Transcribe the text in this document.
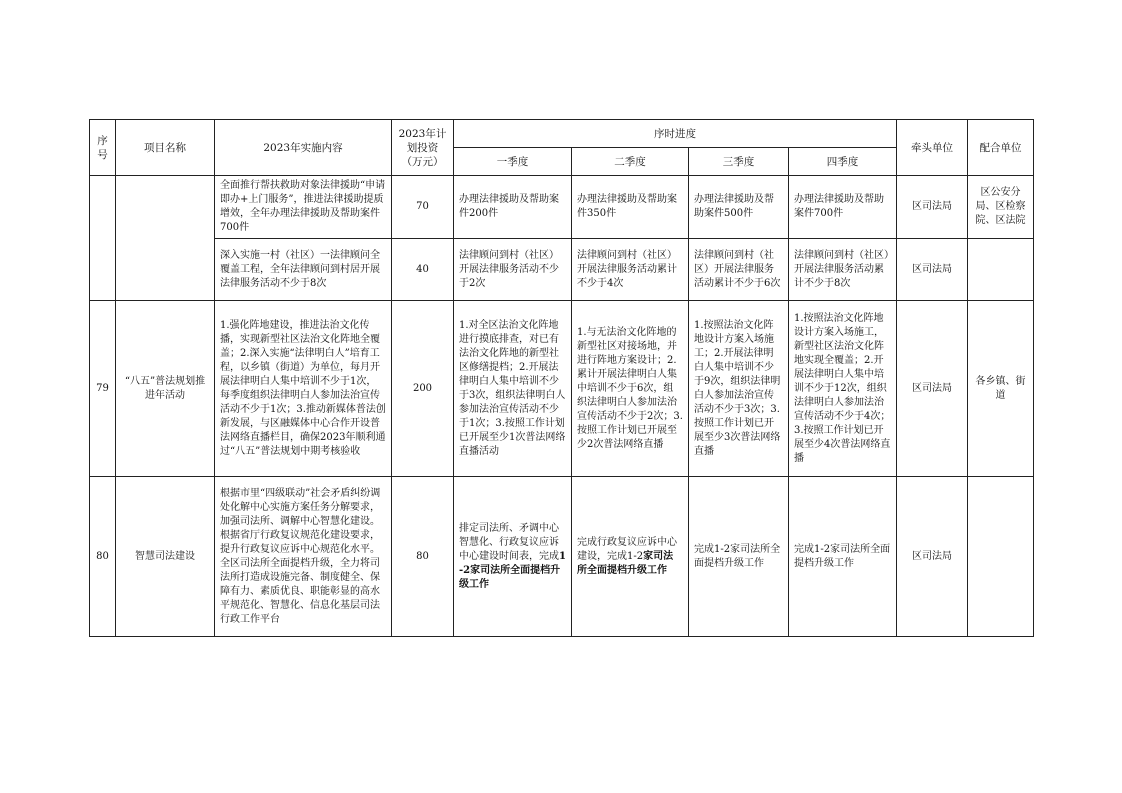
序号	项目名称	2023年实施内容	2023年计划投资（万元）	序时进度				牵头单位	配合单位
				一季度	二季度	三季度	四季度		
		全面推行帮扶救助对象法律援助“申请即办+上门服务”，推进法律援助提质增效，全年办理法律援助及帮助案件700件	70	办理法律援助及帮助案件200件	办理法律援助及帮助案件350件	办理法律援助及帮助案件500件	办理法律援助及帮助案件700件	区司法局	区公安分局、区检察院、区法院
		深入实施一村（社区）一法律顾问全覆盖工程，全年法律顾问到村居开展法律服务活动不少于8次	40	法律顾问到村（社区）开展法律服务活动不少于2次	法律顾问到村（社区）开展法律服务活动累计不少于4次	法律顾问到村（社区）开展法律服务活动累计不少于6次	法律顾问到村（社区）开展法律服务活动累计不少于8次	区司法局	
79	“八五”普法规划推进年活动	1.强化阵地建设，推进法治文化传播，实现新型社区法治文化阵地全覆盖；2.深入实施“法律明白人”培育工程，以乡镇（街道）为单位，每月开展法律明白人集中培训不少于1次，每季度组织法律明白人参加法治宣传活动不少于1次；3.推动新媒体普法创新发展，与区融媒体中心合作开设普法网络直播栏目，确保2023年顺利通过“八五”普法规划中期考核验收	200	1.对全区法治文化阵地进行摸底排查，对已有法治文化阵地的新型社区修缮提档；2.开展法律明白人集中培训不少于3次，组织法律明白人参加法治宣传活动不少于1次；3.按照工作计划已开展至少1次普法网络直播活动	1.与无法治文化阵地的新型社区对接场地，并进行阵地方案设计；2.累计开展法律明白人集中培训不少于6次，组织法律明白人参加法治宣传活动不少于2次；3.按照工作计划已开展至少2次普法网络直播	1.按照法治文化阵地设计方案入场施工；2.开展法律明白人集中培训不少于9次，组织法律明白人参加法治宣传活动不少于3次；3.按照工作计划已开展至少3次普法网络直播	1.按照法治文化阵地设计方案入场施工，新型社区法治文化阵地实现全覆盖；2.开展法律明白人集中培训不少于12次，组织法律明白人参加法治宣传活动不少于4次；3.按照工作计划已开展至少4次普法网络直播	区司法局	各乡镇、街道
80	智慧司法建设	根据市里“四级联动”社会矛盾纠纷调处化解中心实施方案任务分解要求，加强司法所、调解中心智慧化建设。根据省厅行政复议规范化建设要求，提升行政复议应诉中心规范化水平。全区司法所全面提档升级，全力将司法所打造成设施完备、制度健全、保障有力、素质优良、职能彰显的高水平规范化、智慧化、信息化基层司法行政工作平台	80	排定司法所、矛调中心智慧化、行政复议应诉中心建设时间表，完成1-2家司法所全面提档升级工作	完成行政复议应诉中心建设，完成1-2家司法所全面提档升级工作	完成1-2家司法所全面提档升级工作	完成1-2家司法所全面提档升级工作	区司法局	
